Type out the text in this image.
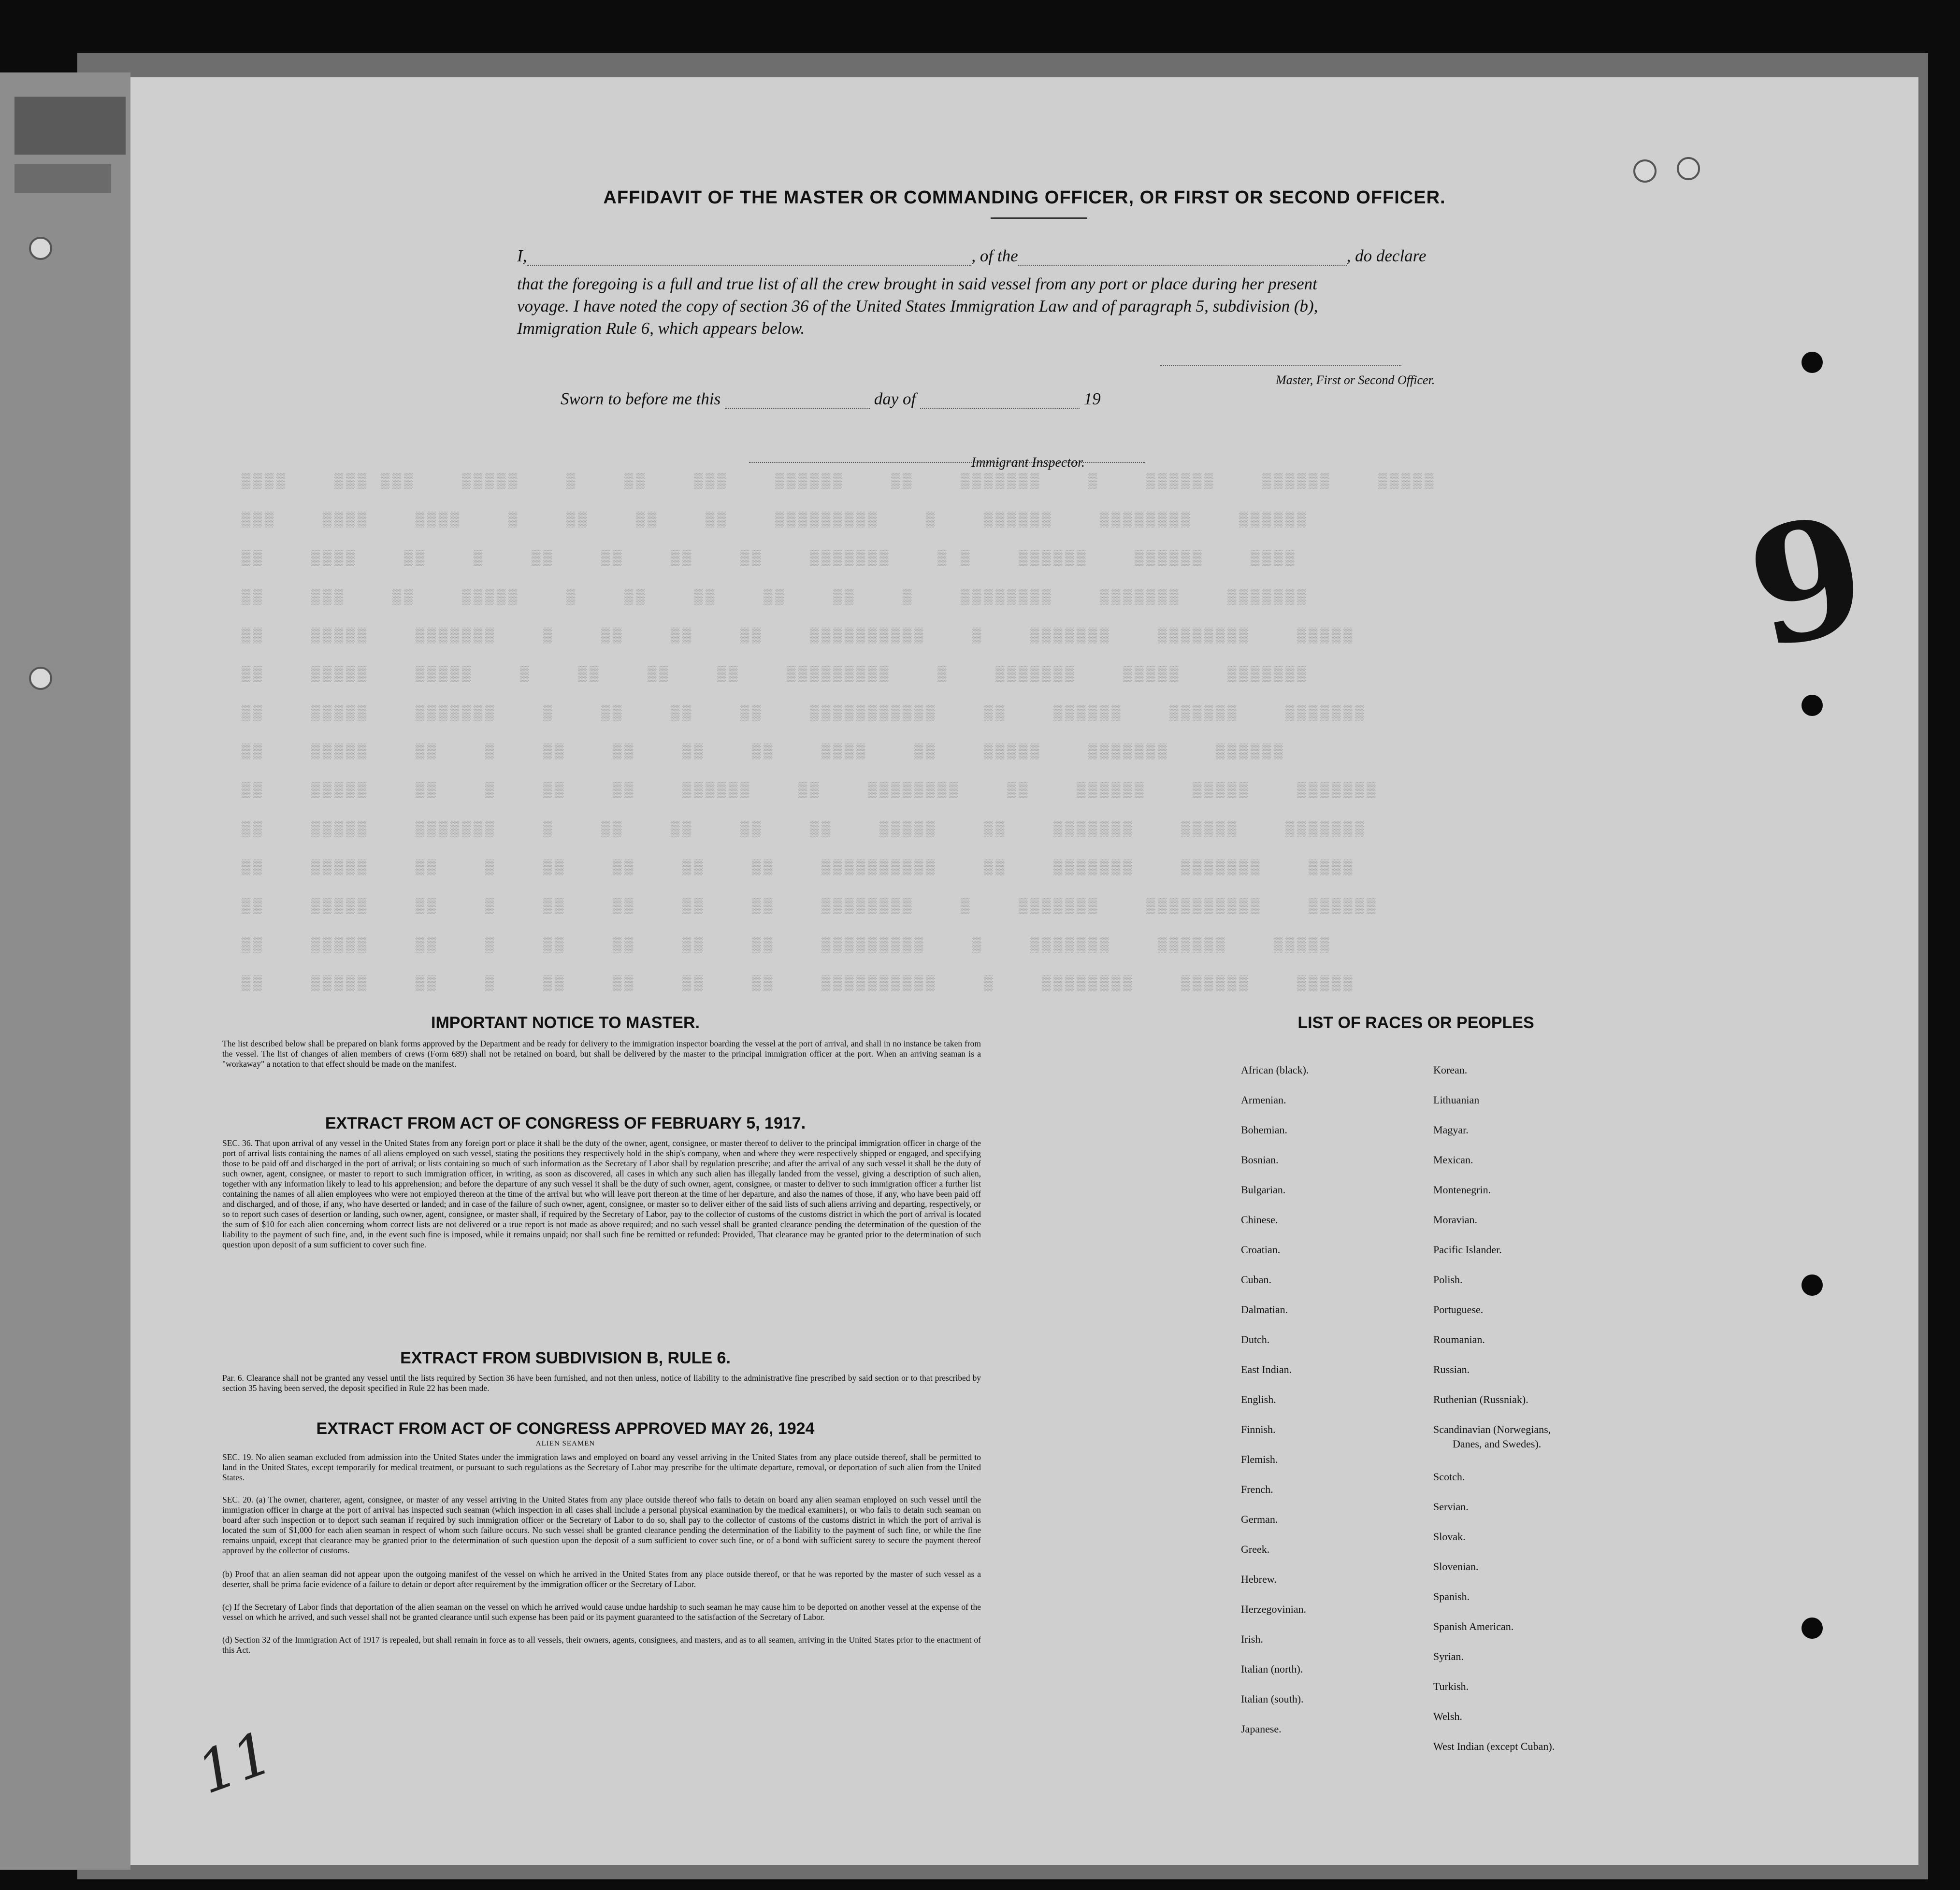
AFFIDAVIT OF THE MASTER OR COMMANDING OFFICER, OR FIRST OR SECOND OFFICER.
I,	, of the	, do declare
that the foregoing is a full and true list of all the crew brought in said vessel from any port or place during her present
voyage. I have noted the copy of section 36 of the United States Immigration Law and of paragraph 5, subdivision (b),
Immigration Rule 6, which appears below.
Master, First or Second Officer.
Sworn to before me this	day of	19
Immigrant Inspector.
▒▒▒▒    ▒▒▒ ▒▒▒    ▒▒▒▒▒    ▒    ▒▒    ▒▒▒    ▒▒▒▒▒▒    ▒▒    ▒▒▒▒▒▒▒    ▒    ▒▒▒▒▒▒    ▒▒▒▒▒▒    ▒▒▒▒▒
▒▒▒    ▒▒▒▒    ▒▒▒▒    ▒    ▒▒    ▒▒    ▒▒    ▒▒▒▒▒▒▒▒▒    ▒    ▒▒▒▒▒▒    ▒▒▒▒▒▒▒▒    ▒▒▒▒▒▒
▒▒    ▒▒▒▒    ▒▒    ▒    ▒▒    ▒▒    ▒▒    ▒▒    ▒▒▒▒▒▒▒    ▒ ▒    ▒▒▒▒▒▒    ▒▒▒▒▒▒    ▒▒▒▒
▒▒    ▒▒▒    ▒▒    ▒▒▒▒▒    ▒    ▒▒    ▒▒    ▒▒    ▒▒    ▒    ▒▒▒▒▒▒▒▒    ▒▒▒▒▒▒▒    ▒▒▒▒▒▒▒
▒▒    ▒▒▒▒▒    ▒▒▒▒▒▒▒    ▒    ▒▒    ▒▒    ▒▒    ▒▒▒▒▒▒▒▒▒▒    ▒    ▒▒▒▒▒▒▒    ▒▒▒▒▒▒▒▒    ▒▒▒▒▒
▒▒    ▒▒▒▒▒    ▒▒▒▒▒    ▒    ▒▒    ▒▒    ▒▒    ▒▒▒▒▒▒▒▒▒    ▒    ▒▒▒▒▒▒▒    ▒▒▒▒▒    ▒▒▒▒▒▒▒
▒▒    ▒▒▒▒▒    ▒▒▒▒▒▒▒    ▒    ▒▒    ▒▒    ▒▒    ▒▒▒▒▒▒▒▒▒▒▒    ▒▒    ▒▒▒▒▒▒    ▒▒▒▒▒▒    ▒▒▒▒▒▒▒
▒▒    ▒▒▒▒▒    ▒▒    ▒    ▒▒    ▒▒    ▒▒    ▒▒    ▒▒▒▒    ▒▒    ▒▒▒▒▒    ▒▒▒▒▒▒▒    ▒▒▒▒▒▒
▒▒    ▒▒▒▒▒    ▒▒    ▒    ▒▒    ▒▒    ▒▒▒▒▒▒    ▒▒    ▒▒▒▒▒▒▒▒    ▒▒    ▒▒▒▒▒▒    ▒▒▒▒▒    ▒▒▒▒▒▒▒
▒▒    ▒▒▒▒▒    ▒▒▒▒▒▒▒    ▒    ▒▒    ▒▒    ▒▒    ▒▒    ▒▒▒▒▒    ▒▒    ▒▒▒▒▒▒▒    ▒▒▒▒▒    ▒▒▒▒▒▒▒
▒▒    ▒▒▒▒▒    ▒▒    ▒    ▒▒    ▒▒    ▒▒    ▒▒    ▒▒▒▒▒▒▒▒▒▒    ▒▒    ▒▒▒▒▒▒▒    ▒▒▒▒▒▒▒    ▒▒▒▒
▒▒    ▒▒▒▒▒    ▒▒    ▒    ▒▒    ▒▒    ▒▒    ▒▒    ▒▒▒▒▒▒▒▒    ▒    ▒▒▒▒▒▒▒    ▒▒▒▒▒▒▒▒▒▒    ▒▒▒▒▒▒
▒▒    ▒▒▒▒▒    ▒▒    ▒    ▒▒    ▒▒    ▒▒    ▒▒    ▒▒▒▒▒▒▒▒▒    ▒    ▒▒▒▒▒▒▒    ▒▒▒▒▒▒    ▒▒▒▒▒
▒▒    ▒▒▒▒▒    ▒▒    ▒    ▒▒    ▒▒    ▒▒    ▒▒    ▒▒▒▒▒▒▒▒▒▒    ▒    ▒▒▒▒▒▒▒▒    ▒▒▒▒▒▒    ▒▒▒▒▒
IMPORTANT NOTICE TO MASTER.
The list described below shall be prepared on blank forms approved by the Department and be ready for delivery to the immigration inspector boarding the vessel at the port of arrival, and shall in no instance be taken from the vessel. The list of changes of alien members of crews (Form 689) shall not be retained on board, but shall be delivered by the master to the principal immigration officer at the port. When an arriving seaman is a "workaway" a notation to that effect should be made on the manifest.
EXTRACT FROM ACT OF CONGRESS OF FEBRUARY 5, 1917.
SEC. 36. That upon arrival of any vessel in the United States from any foreign port or place it shall be the duty of the owner, agent, consignee, or master thereof to deliver to the principal immigration officer in charge of the port of arrival lists containing the names of all aliens employed on such vessel, stating the positions they respectively hold in the ship's company, when and where they were respectively shipped or engaged, and specifying those to be paid off and discharged in the port of arrival; or lists containing so much of such information as the Secretary of Labor shall by regulation prescribe; and after the arrival of any such vessel it shall be the duty of such owner, agent, consignee, or master to report to such immigration officer, in writing, as soon as discovered, all cases in which any such alien has illegally landed from the vessel, giving a description of such alien, together with any information likely to lead to his apprehension; and before the departure of any such vessel it shall be the duty of such owner, agent, consignee, or master to deliver to such immigration officer a further list containing the names of all alien employees who were not employed thereon at the time of the arrival but who will leave port thereon at the time of her departure, and also the names of those, if any, who have been paid off and discharged, and of those, if any, who have deserted or landed; and in case of the failure of such owner, agent, consignee, or master so to deliver either of the said lists of such aliens arriving and departing, respectively, or so to report such cases of desertion or landing, such owner, agent, consignee, or master shall, if required by the Secretary of Labor, pay to the collector of customs of the customs district in which the port of arrival is located the sum of $10 for each alien concerning whom correct lists are not delivered or a true report is not made as above required; and no such vessel shall be granted clearance pending the determination of the question of the liability to the payment of such fine, and, in the event such fine is imposed, while it remains unpaid; nor shall such fine be remitted or refunded: Provided, That clearance may be granted prior to the determination of such question upon deposit of a sum sufficient to cover such fine.
EXTRACT FROM SUBDIVISION B, RULE 6.
Par. 6. Clearance shall not be granted any vessel until the lists required by Section 36 have been furnished, and not then unless, notice of liability to the administrative fine prescribed by said section or to that prescribed by section 35 having been served, the deposit specified in Rule 22 has been made.
EXTRACT FROM ACT OF CONGRESS APPROVED MAY 26, 1924
ALIEN SEAMEN
SEC. 19. No alien seaman excluded from admission into the United States under the immigration laws and employed on board any vessel arriving in the United States from any place outside thereof, shall be permitted to land in the United States, except temporarily for medical treatment, or pursuant to such regulations as the Secretary of Labor may prescribe for the ultimate departure, removal, or deportation of such alien from the United States.
SEC. 20. (a) The owner, charterer, agent, consignee, or master of any vessel arriving in the United States from any place outside thereof who fails to detain on board any alien seaman employed on such vessel until the immigration officer in charge at the port of arrival has inspected such seaman (which inspection in all cases shall include a personal physical examination by the medical examiners), or who fails to detain such seaman on board after such inspection or to deport such seaman if required by such immigration officer or the Secretary of Labor to do so, shall pay to the collector of customs of the customs district in which the port of arrival is located the sum of $1,000 for each alien seaman in respect of whom such failure occurs. No such vessel shall be granted clearance pending the determination of the liability to the payment of such fine, or while the fine remains unpaid, except that clearance may be granted prior to the determination of such question upon the deposit of a sum sufficient to cover such fine, or of a bond with sufficient surety to secure the payment thereof approved by the collector of customs.
(b) Proof that an alien seaman did not appear upon the outgoing manifest of the vessel on which he arrived in the United States from any place outside thereof, or that he was reported by the master of such vessel as a deserter, shall be prima facie evidence of a failure to detain or deport after requirement by the immigration officer or the Secretary of Labor.
(c) If the Secretary of Labor finds that deportation of the alien seaman on the vessel on which he arrived would cause undue hardship to such seaman he may cause him to be deported on another vessel at the expense of the vessel on which he arrived, and such vessel shall not be granted clearance until such expense has been paid or its payment guaranteed to the satisfaction of the Secretary of Labor.
(d) Section 32 of the Immigration Act of 1917 is repealed, but shall remain in force as to all vessels, their owners, agents, consignees, and masters, and as to all seamen, arriving in the United States prior to the enactment of this Act.
LIST OF RACES OR PEOPLES
African (black).
Armenian.
Bohemian.
Bosnian.
Bulgarian.
Chinese.
Croatian.
Cuban.
Dalmatian.
Dutch.
East Indian.
English.
Finnish.
Flemish.
French.
German.
Greek.
Hebrew.
Herzegovinian.
Irish.
Italian (north).
Italian (south).
Japanese.
Korean.
Lithuanian
Magyar.
Mexican.
Montenegrin.
Moravian.
Pacific Islander.
Polish.
Portuguese.
Roumanian.
Russian.
Ruthenian (Russniak).
Scandinavian (Norwegians,
Danes, and Swedes).
Scotch.
Servian.
Slovak.
Slovenian.
Spanish.
Spanish American.
Syrian.
Turkish.
Welsh.
West Indian (except Cuban).
9
11
